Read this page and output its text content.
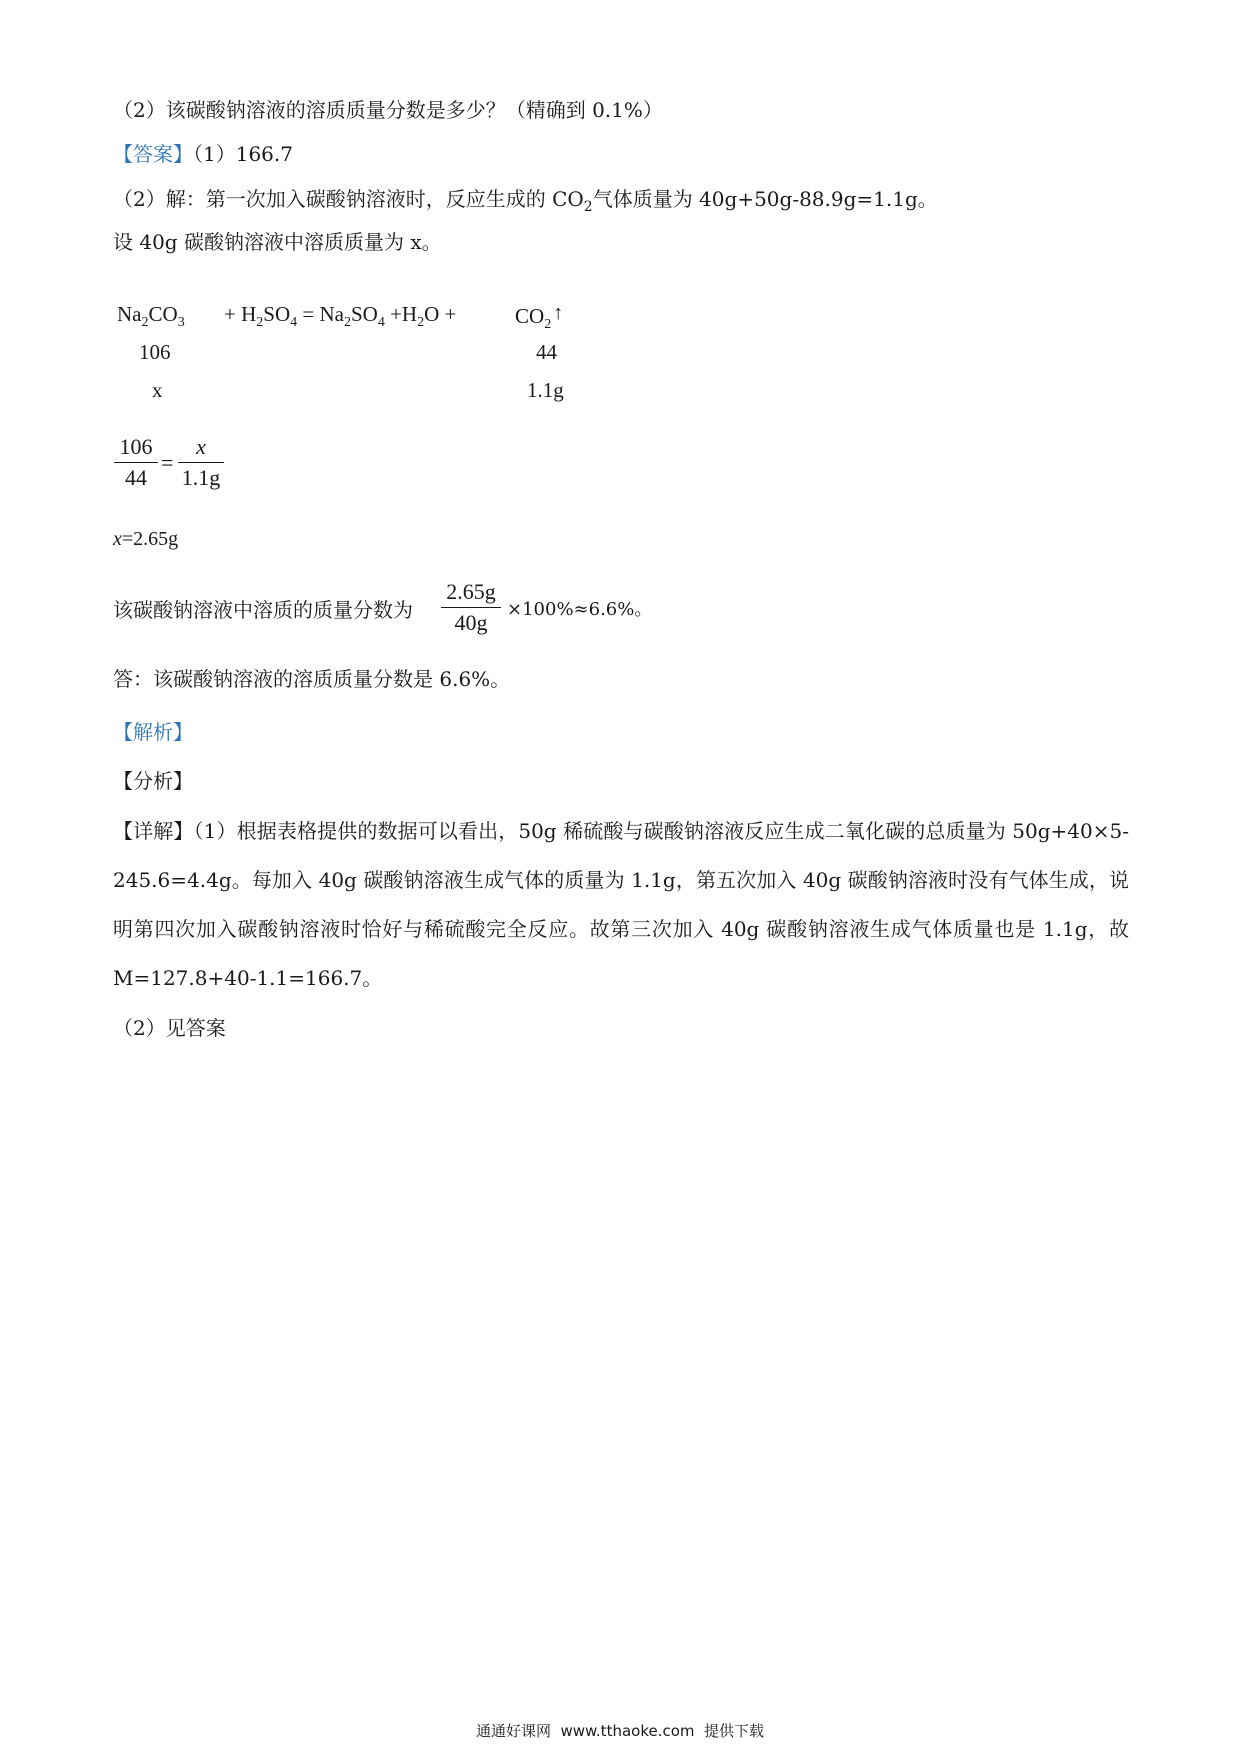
（2）该碳酸钠溶液的溶质质量分数是多少？（精确到 0.1%）
【答案】（1）166.7
（2）解：第一次加入碳酸钠溶液时，反应生成的 $CO_2$气体质量为 40g+50g-88.9g=1.1g。
设 40g 碳酸钠溶液中溶质质量为 x。
$Na_2CO_3 + H_2SO_4 = Na_2SO_4 +H_2O$ +	$CO_2↑$
106	44
x	1.1g
106
44
=
x
1.1g
x=2.65g
该碳酸钠溶液中溶质的质量分数为
2.65g
40g
×100%≈6.6%。
答：该碳酸钠溶液的溶质质量分数是 6.6%。
【解析】
【分析】
【详解】（1）根据表格提供的数据可以看出，50g 稀硫酸与碳酸钠溶液反应生成二氧化碳的总质量为 50g+40×5-245.6=4.4g。每加入 40g 碳酸钠溶液生成气体的质量为 1.1g，第五次加入 40g 碳酸钠溶液时没有气体生成，说明第四次加入碳酸钠溶液时恰好与稀硫酸完全反应。故第三次加入 40g 碳酸钠溶液生成气体质量也是 1.1g，故 M=127.8+40-1.1=166.7。
（2）见答案
通通好课网  www.tthaoke.com  提供下载
